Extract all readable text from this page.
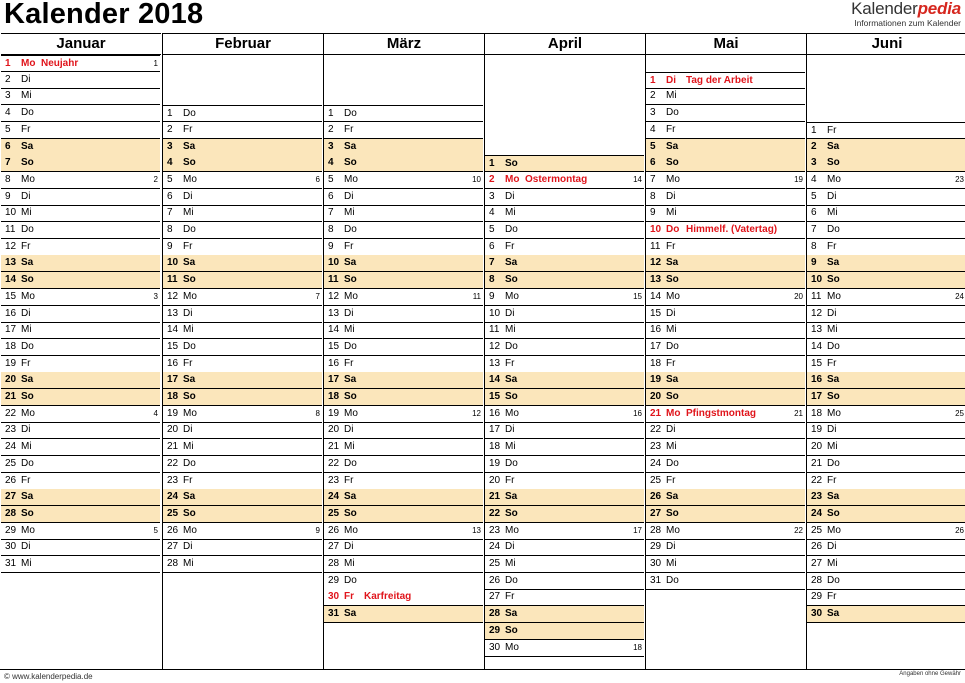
Kalender 2018	Kalenderpedia
Informationen zum Kalender
Januar
1 Mo Neujahr	1
2 Di
3 Mi
4 Do
5 Fr
6 Sa
7 So
8 Mo	2
9 Di
10 Mi
11 Do
12 Fr
13 Sa
14 So
15 Mo	3
16 Di
17 Mi
18 Do
19 Fr
20 Sa
21 So
22 Mo	4
23 Di
24 Mi
25 Do
26 Fr
27 Sa
28 So
29 Mo	5
30 Di
31 Mi
Februar
1 Do
2 Fr
3 Sa
4 So
5 Mo	6
6 Di
7 Mi
8 Do
9 Fr
10 Sa
11 So
12 Mo	7
13 Di
14 Mi
15 Do
16 Fr
17 Sa
18 So
19 Mo	8
20 Di
21 Mi
22 Do
23 Fr
24 Sa
25 So
26 Mo	9
27 Di
28 Mi
März
1 Do
2 Fr
3 Sa
4 So
5 Mo	10
6 Di
7 Mi
8 Do
9 Fr
10 Sa
11 So
12 Mo	11
13 Di
14 Mi
15 Do
16 Fr
17 Sa
18 So
19 Mo	12
20 Di
21 Mi
22 Do
23 Fr
24 Sa
25 So
26 Mo	13
27 Di
28 Mi
29 Do
30 Fr Karfreitag
31 Sa
April
1 So
2 Mo Ostermontag	14
3 Di
4 Mi
5 Do
6 Fr
7 Sa
8 So
9 Mo	15
10 Di
11 Mi
12 Do
13 Fr
14 Sa
15 So
16 Mo	16
17 Di
18 Mi
19 Do
20 Fr
21 Sa
22 So
23 Mo	17
24 Di
25 Mi
26 Do
27 Fr
28 Sa
29 So
30 Mo	18
Mai
1 Di Tag der Arbeit
2 Mi
3 Do
4 Fr
5 Sa
6 So
7 Mo	19
8 Di
9 Mi
10 Do Himmelf. (Vatertag)
11 Fr
12 Sa
13 So
14 Mo	20
15 Di
16 Mi
17 Do
18 Fr
19 Sa
20 So
21 Mo Pfingstmontag	21
22 Di
23 Mi
24 Do
25 Fr
26 Sa
27 So
28 Mo	22
29 Di
30 Mi
31 Do
Juni
1 Fr
2 Sa
3 So
4 Mo	23
5 Di
6 Mi
7 Do
8 Fr
9 Sa
10 So
11 Mo	24
12 Di
13 Mi
14 Do
15 Fr
16 Sa
17 So
18 Mo	25
19 Di
20 Mi
21 Do
22 Fr
23 Sa
24 So
25 Mo	26
26 Di
27 Mi
28 Do
29 Fr
30 Sa
© www.kalenderpedia.de	Angaben ohne Gewähr
